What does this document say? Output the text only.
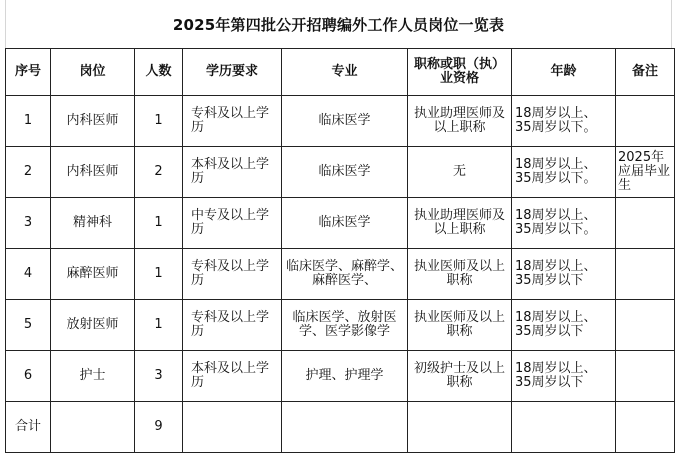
2025年第四批公开招聘编外工作人员岗位一览表
序号	岗位	人数	学历要求	专业	职称或职（执）业资格	年龄	备注
1	内科医师	1	专科及以上学历	临床医学	执业助理医师及以上职称	18周岁以上、35周岁以下。	
2	内科医师	2	本科及以上学历	临床医学	无	18周岁以上、35周岁以下。	2025年应届毕业生
3	精神科	1	中专及以上学历	临床医学	执业助理医师及以上职称	18周岁以上、35周岁以下。	
4	麻醉医师	1	专科及以上学历	临床医学、麻醉学、麻醉医学、	执业医师及以上职称	18周岁以上、35周岁以下	
5	放射医师	1	专科及以上学历	临床医学、放射医学、医学影像学	执业医师及以上职称	18周岁以上、35周岁以下	
6	护士	3	本科及以上学历	护理、护理学	初级护士及以上职称	18周岁以上、35周岁以下	
合计		9					
